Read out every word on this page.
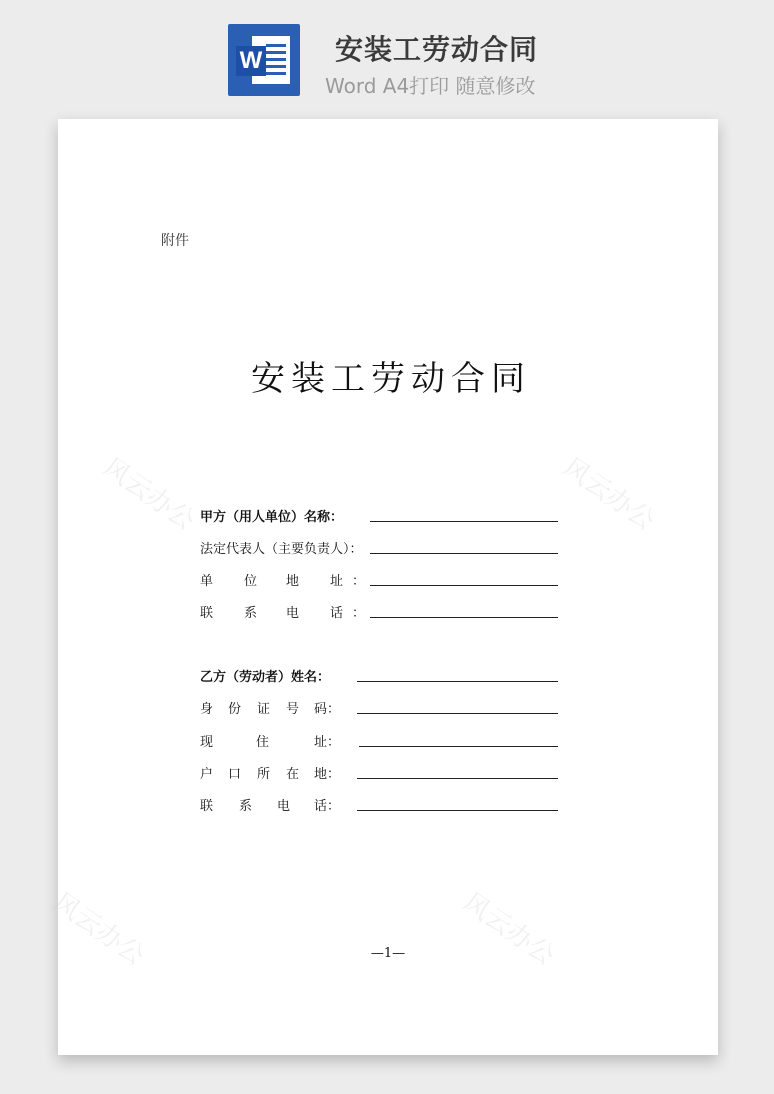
W	安装工劳动合同
Word A4打印 随意修改
风云办公	风云办公
风云办公	风云办公
附件
安装工劳动合同
甲方（用人单位）名称：
法定代表人（主要负责人）：
单 位 地 址 ：
联 系 电 话 ：
乙方（劳动者）姓名：
身 份 证 号 码：
现	住	址：
户 口 所 在 地：
联 系 电 话：
—1—
